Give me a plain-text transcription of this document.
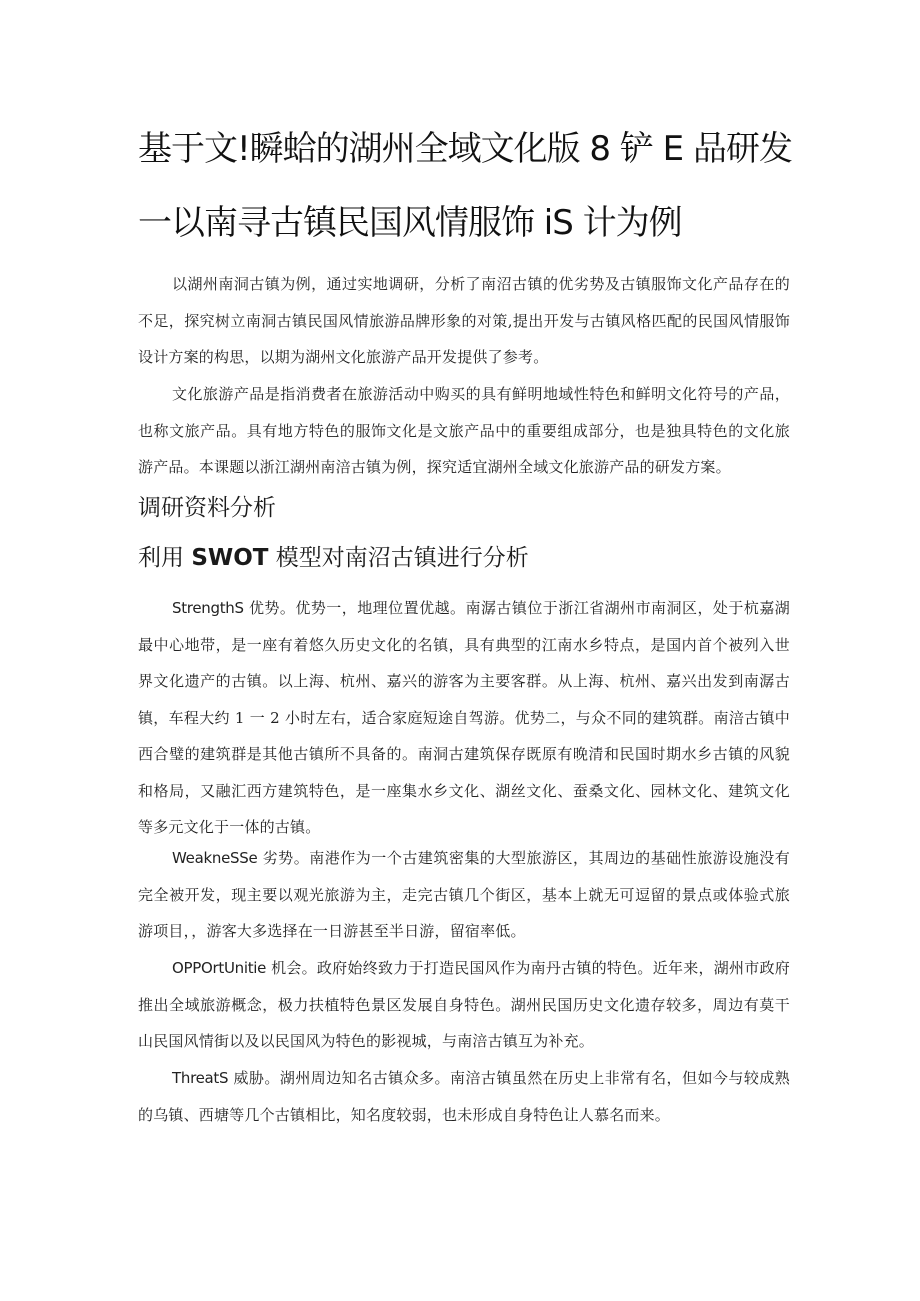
基于文!瞬蛤的湖州全域文化版 8 铲 E 品研发
一以南寻古镇民国风情服饰 iS 计为例

以湖州南洞古镇为例，通过实地调研，分析了南沼古镇的优劣势及古镇服饰文化产品存在的不足，探究树立南洞古镇民国风情旅游品牌形象的对策,提出开发与古镇风格匹配的民国风情服饰设计方案的构思，以期为湖州文化旅游产品开发提供了参考。

文化旅游产品是指消费者在旅游活动中购买的具有鲜明地域性特色和鲜明文化符号的产品，也称文旅产品。具有地方特色的服饰文化是文旅产品中的重要组成部分，也是独具特色的文化旅游产品。本课题以浙江湖州南涪古镇为例，探究适宜湖州全域文化旅游产品的研发方案。

调研资料分析
利用 SWOT 模型对南沼古镇进行分析

StrengthS 优势。优势一，地理位置优越。南潺古镇位于浙江省湖州市南洞区，处于杭嘉湖最中心地带，是一座有着悠久历史文化的名镇，具有典型的江南水乡特点，是国内首个被列入世界文化遗产的古镇。以上海、杭州、嘉兴的游客为主要客群。从上海、杭州、嘉兴出发到南潺古镇，车程大约 1 一 2 小时左右，适合家庭短途自驾游。优势二，与众不同的建筑群。南涪古镇中西合璧的建筑群是其他古镇所不具备的。南洞古建筑保存既原有晚清和民国时期水乡古镇的风貌和格局，又融汇西方建筑特色，是一座集水乡文化、湖丝文化、蚕桑文化、园林文化、建筑文化等多元文化于一体的古镇。

WeakneSSe 劣势。南港作为一个古建筑密集的大型旅游区，其周边的基础性旅游设施没有完全被开发，现主要以观光旅游为主，走完古镇几个街区，基本上就无可逗留的景点或体验式旅游项目，，游客大多选择在一日游甚至半日游，留宿率低。

OPPOrtUnitie 机会。政府始终致力于打造民国风作为南丹古镇的特色。近年来，湖州市政府推出全域旅游概念，极力扶植特色景区发展自身特色。湖州民国历史文化遗存较多，周边有莫干山民国风情街以及以民国风为特色的影视城，与南涪古镇互为补充。

ThreatS 威胁。湖州周边知名古镇众多。南涪古镇虽然在历史上非常有名，但如今与较成熟的乌镇、西塘等几个古镇相比，知名度较弱，也未形成自身特色让人慕名而来。
